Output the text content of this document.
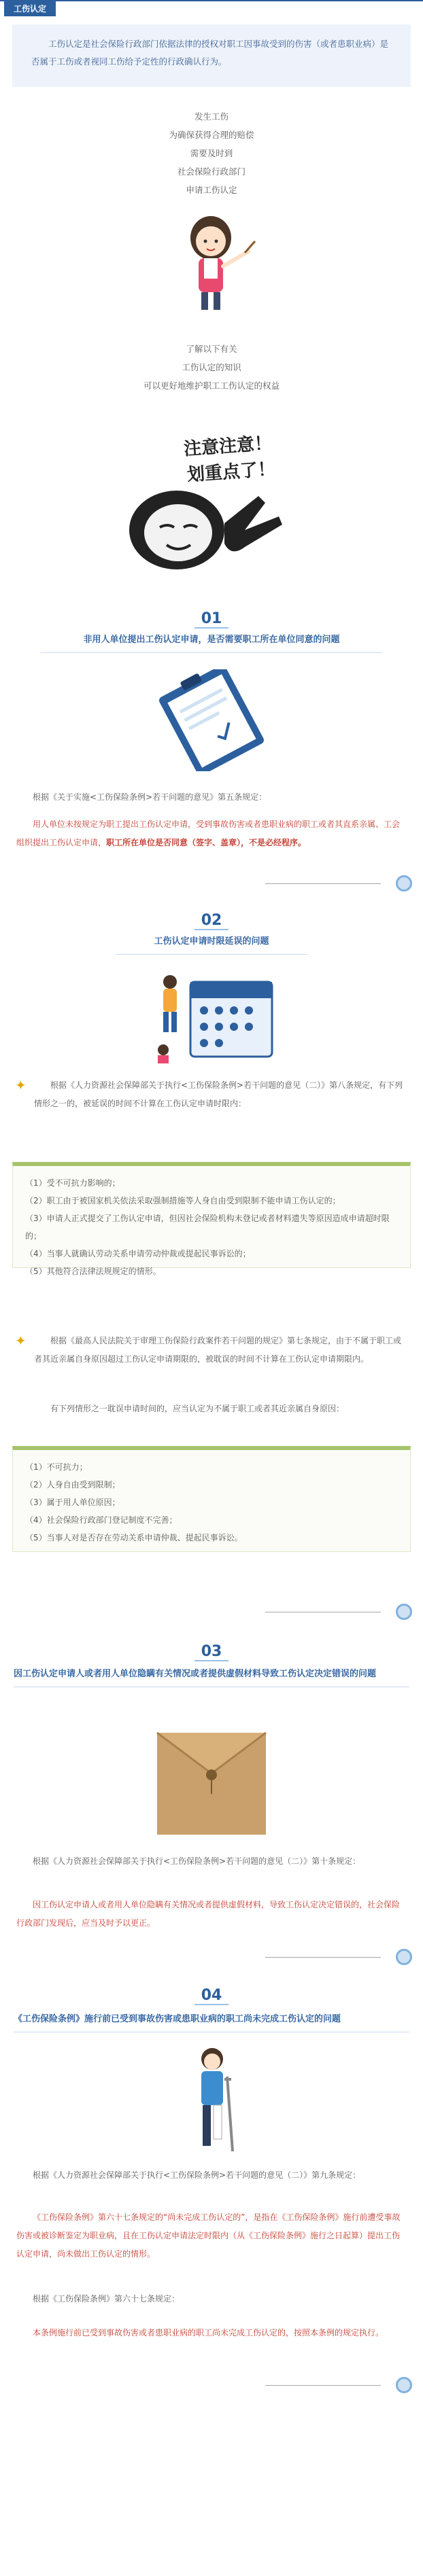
工伤认定
工伤认定是社会保险行政部门依据法律的授权对职工因事故受到的伤害（或者患职业病）是否属于工伤或者视同工伤给予定性的行政确认行为。
发生工伤
为确保获得合理的赔偿
需要及时到
社会保险行政部门
申请工伤认定
了解以下有关
工伤认定的知识
可以更好地维护职工工伤认定的权益
注意注意！
划重点了！
01
非用人单位提出工伤认定申请，是否需要职工所在单位同意的问题
根据《关于实施<工伤保险条例>若干问题的意见》第五条规定：
用人单位未按规定为职工提出工伤认定申请，受到事故伤害或者患职业病的职工或者其直系亲属、工会组织提出工伤认定申请，职工所在单位是否同意（签字、盖章），不是必经程序。
02
工伤认定申请时限延误的问题
✦	根据《人力资源社会保障部关于执行<工伤保险条例>若干问题的意见（二）》第八条规定，有下列情形之一的，被延误的时间不计算在工伤认定申请时限内：
（1）受不可抗力影响的；
（2）职工由于被国家机关依法采取强制措施等人身自由受到限制不能申请工伤认定的；
（3）申请人正式提交了工伤认定申请，但因社会保险机构未登记或者材料遗失等原因造成申请超时限的；
（4）当事人就确认劳动关系申请劳动仲裁或提起民事诉讼的；
（5）其他符合法律法规规定的情形。
✦	根据《最高人民法院关于审理工伤保险行政案件若干问题的规定》第七条规定，由于不属于职工或者其近亲属自身原因超过工伤认定申请期限的，被耽误的时间不计算在工伤认定申请期限内。
有下列情形之一耽误申请时间的，应当认定为不属于职工或者其近亲属自身原因：
（1）不可抗力；
（2）人身自由受到限制；
（3）属于用人单位原因；
（4）社会保险行政部门登记制度不完善；
（5）当事人对是否存在劳动关系申请仲裁、提起民事诉讼。
03
因工伤认定申请人或者用人单位隐瞒有关情况或者提供虚假材料导致工伤认定决定错误的问题
根据《人力资源社会保障部关于执行<工伤保险条例>若干问题的意见（二）》第十条规定：
因工伤认定申请人或者用人单位隐瞒有关情况或者提供虚假材料，导致工伤认定决定错误的，社会保险行政部门发现后，应当及时予以更正。
04
《工伤保险条例》施行前已受到事故伤害或患职业病的职工尚未完成工伤认定的问题
根据《人力资源社会保障部关于执行<工伤保险条例>若干问题的意见（二）》第九条规定：
《工伤保险条例》第六十七条规定的“尚未完成工伤认定的”，是指在《工伤保险条例》施行前遭受事故伤害或被诊断鉴定为职业病，且在工伤认定申请法定时限内（从《工伤保险条例》施行之日起算）提出工伤认定申请，尚未做出工伤认定的情形。
根据《工伤保险条例》第六十七条规定：
本条例施行前已受到事故伤害或者患职业病的职工尚未完成工伤认定的，按照本条例的规定执行。
